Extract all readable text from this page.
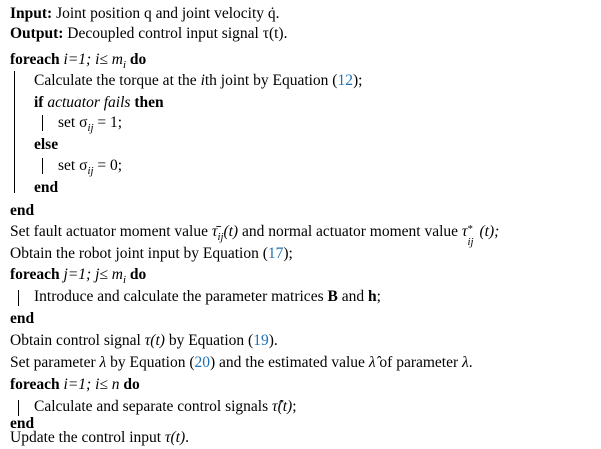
Input: Joint position q and joint velocity q̇.
Output: Decoupled control input signal τ(t).
foreach i=1; $i\le m_i$ do
Calculate the torque at the ith joint by Equation (12);
if actuator fails then
set $\sigma_{ij} = 1$;
else
set $\sigma_{ij} = 0$;
end
end
Set fault actuator moment value $\taū_{ij}(t)$ and normal actuator moment value τ *
ij
(t);
Obtain the robot joint input by Equation (17);
foreach j=1; $j\le m_i$ do
Introduce and calculate the parameter matrices B and h;
end
Obtain control signal τ(t) by Equation (19).
Set parameter λ by Equation (20) and the estimated value λ̂ of parameter λ.
foreach i=1; i≤ n do
Calculate and separate control signals τ̂(t);
end
Update the control input τ(t).
